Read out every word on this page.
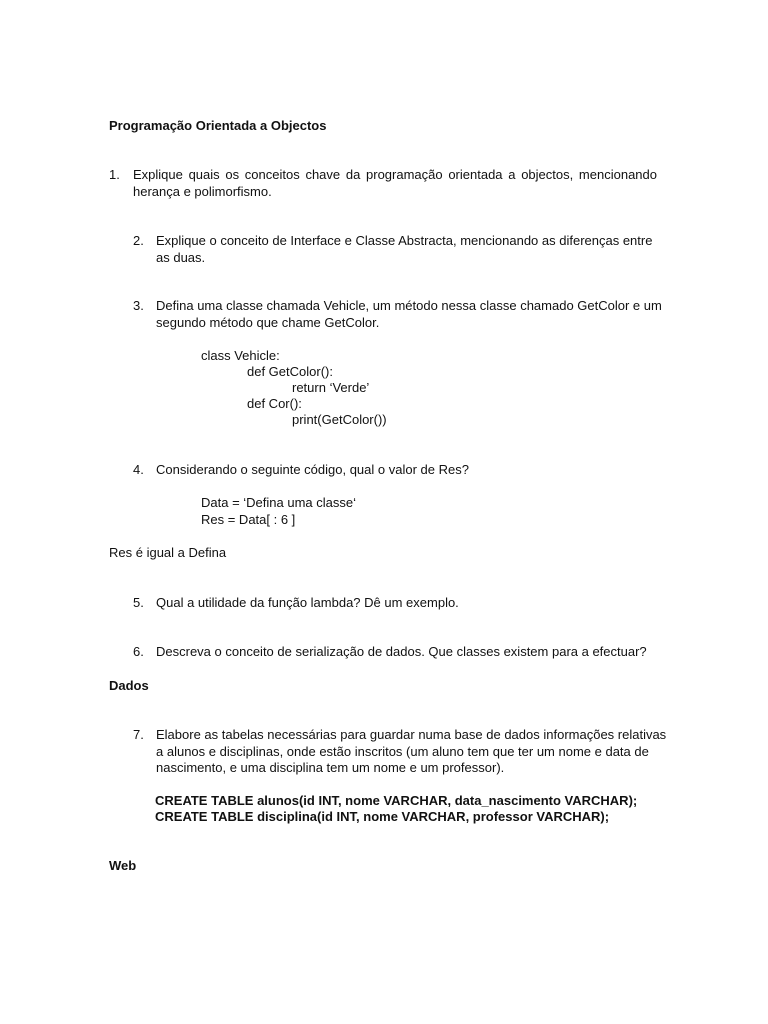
Programação Orientada a Objectos
1. Explique quais os conceitos chave da programação orientada a objectos, mencionando herança e polimorfismo.
2. Explique o conceito de Interface e Classe Abstracta, mencionando as diferenças entre as duas.
3. Defina uma classe chamada Vehicle, um método nessa classe chamado GetColor e um
segundo método que chame GetColor.
class Vehicle:
def GetColor():
return ‘Verde’
def Cor():
print(GetColor())
4. Considerando o seguinte código, qual o valor de Res?
Data = ‘Defina uma classe‘
Res = Data[ : 6 ]
Res é igual a Defina
5. Qual a utilidade da função lambda? Dê um exemplo.
6. Descreva o conceito de serialização de dados. Que classes existem para a efectuar?
Dados
7. Elabore as tabelas necessárias para guardar numa base de dados informações relativas
a alunos e disciplinas, onde estão inscritos (um aluno tem que ter um nome e data de
nascimento, e uma disciplina tem um nome e um professor).
CREATE TABLE alunos(id INT, nome VARCHAR, data_nascimento VARCHAR);
CREATE TABLE disciplina(id INT, nome VARCHAR, professor VARCHAR);
Web
